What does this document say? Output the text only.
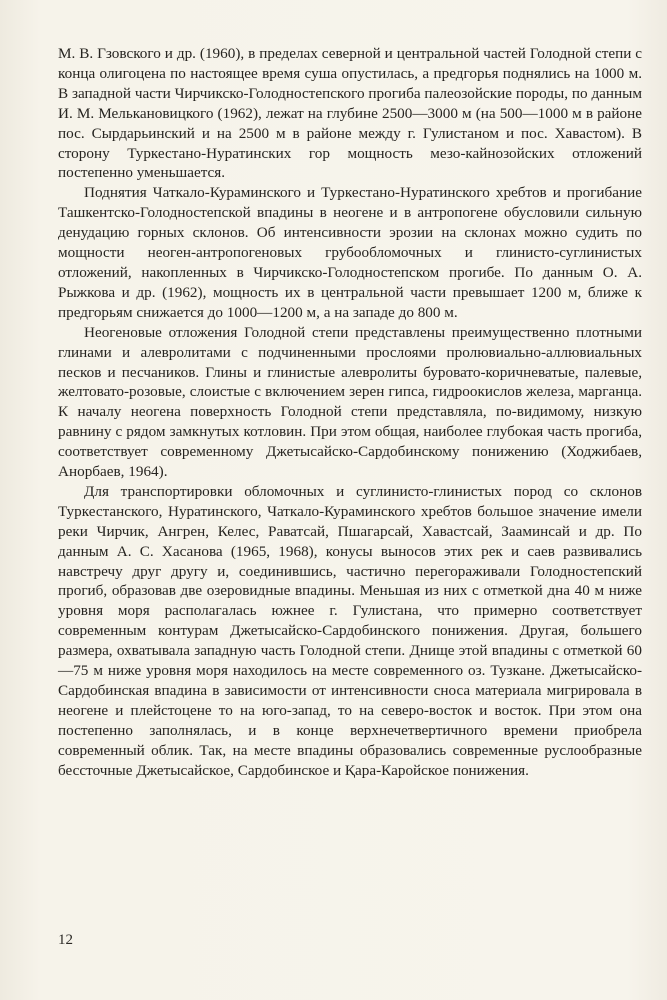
М. В. Гзовского и др. (1960), в пределах северной и центральной частей Голодной степи с конца олигоцена по настоящее время суша опустилась, а предгорья поднялись на 1000 м. В западной части Чирчикско-Голодностепского прогиба палеозойские породы, по данным И. М. Мелькановицкого (1962), лежат на глубине 2500—3000 м (на 500—1000 м в районе пос. Сырдарьинский и на 2500 м в районе между г. Гулистаном и пос. Хавастом). В сторону Туркестано-Нуратинских гор мощность мезо-кайнозойских отложений постепенно уменьшается.

Поднятия Чаткало-Кураминского и Туркестано-Нуратинского хребтов и прогибание Ташкентско-Голодностепской впадины в неогене и в антропогене обусловили сильную денудацию горных склонов. Об интенсивности эрозии на склонах можно судить по мощности неоген-антропогеновых грубообломочных и глинисто-суглинистых отложений, накопленных в Чирчикско-Голодностепском прогибе. По данным О. А. Рыжкова и др. (1962), мощность их в центральной части превышает 1200 м, ближе к предгорьям снижается до 1000—1200 м, а на западе до 800 м.

Неогеновые отложения Голодной степи представлены преимущественно плотными глинами и алевролитами с подчиненными прослоями пролювиально-аллювиальных песков и песчаников. Глины и глинистые алевролиты буровато-коричневатые, палевые, желтовато-розовые, слоистые с включением зерен гипса, гидроокислов железа, марганца. К началу неогена поверхность Голодной степи представляла, по-видимому, низкую равнину с рядом замкнутых котловин. При этом общая, наиболее глубокая часть прогиба, соответствует современному Джетысайско-Сардобинскому понижению (Ходжибаев, Анорбаев, 1964).

Для транспортировки обломочных и суглинисто-глинистых пород со склонов Туркестанского, Нуратинского, Чаткало-Кураминского хребтов большое значение имели реки Чирчик, Ангрен, Келес, Раватсай, Пшагарсай, Хавастсай, Зааминсай и др. По данным А. С. Хасанова (1965, 1968), конусы выносов этих рек и саев развивались навстречу друг другу и, соединившись, частично перегораживали Голодностепский прогиб, образовав две озеровидные впадины. Меньшая из них с отметкой дна 40 м ниже уровня моря располагалась южнее г. Гулистана, что примерно соответствует современным контурам Джетысайско-Сардобинского понижения. Другая, большего размера, охватывала западную часть Голодной степи. Днище этой впадины с отметкой 60—75 м ниже уровня моря находилось на месте современного оз. Тузкане. Джетысайско-Сардобинская впадина в зависимости от интенсивности сноса материала мигрировала в неогене и плейстоцене то на юго-запад, то на северо-восток и восток. При этом она постепенно заполнялась, и в конце верхнечетвертичного времени приобрела современный облик. Так, на месте впадины образовались современные руслообразные бессточные Джетысайское, Сардобинское и Қара-Каройское понижения.

12
